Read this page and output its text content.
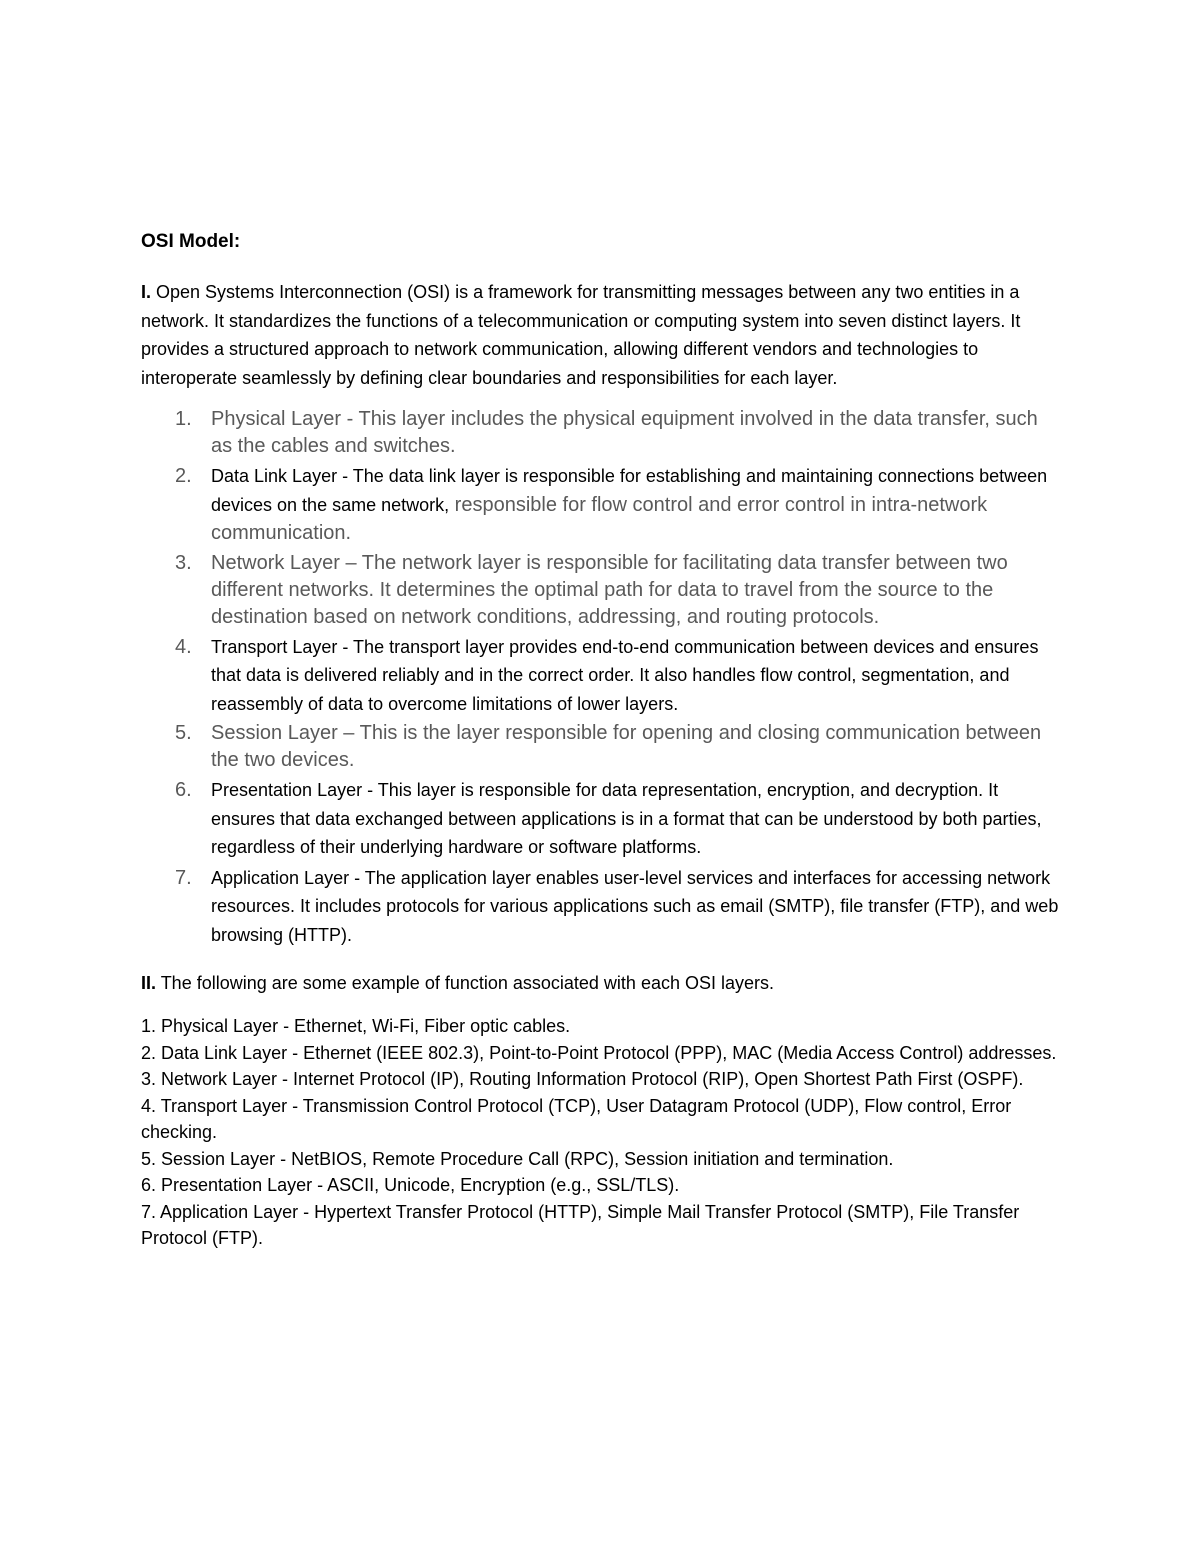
OSI Model:

I. Open Systems Interconnection (OSI) is a framework for transmitting messages between any two entities in a network. It standardizes the functions of a telecommunication or computing system into seven distinct layers. It provides a structured approach to network communication, allowing different vendors and technologies to interoperate seamlessly by defining clear boundaries and responsibilities for each layer.

1. Physical Layer - This layer includes the physical equipment involved in the data transfer, such as the cables and switches.
2. Data Link Layer - The data link layer is responsible for establishing and maintaining connections between devices on the same network, responsible for flow control and error control in intra-network communication.
3. Network Layer – The network layer is responsible for facilitating data transfer between two different networks. It determines the optimal path for data to travel from the source to the destination based on network conditions, addressing, and routing protocols.
4. Transport Layer - The transport layer provides end-to-end communication between devices and ensures that data is delivered reliably and in the correct order. It also handles flow control, segmentation, and reassembly of data to overcome limitations of lower layers.
5. Session Layer – This is the layer responsible for opening and closing communication between the two devices.
6. Presentation Layer - This layer is responsible for data representation, encryption, and decryption. It ensures that data exchanged between applications is in a format that can be understood by both parties, regardless of their underlying hardware or software platforms.
7. Application Layer - The application layer enables user-level services and interfaces for accessing network resources. It includes protocols for various applications such as email (SMTP), file transfer (FTP), and web browsing (HTTP).

II. The following are some example of function associated with each OSI layers.

1. Physical Layer - Ethernet, Wi-Fi, Fiber optic cables.
2. Data Link Layer - Ethernet (IEEE 802.3), Point-to-Point Protocol (PPP), MAC (Media Access Control) addresses.
3. Network Layer - Internet Protocol (IP), Routing Information Protocol (RIP), Open Shortest Path First (OSPF).
4. Transport Layer - Transmission Control Protocol (TCP), User Datagram Protocol (UDP), Flow control, Error checking.
5. Session Layer - NetBIOS, Remote Procedure Call (RPC), Session initiation and termination.
6. Presentation Layer - ASCII, Unicode, Encryption (e.g., SSL/TLS).
7. Application Layer - Hypertext Transfer Protocol (HTTP), Simple Mail Transfer Protocol (SMTP), File Transfer Protocol (FTP).
